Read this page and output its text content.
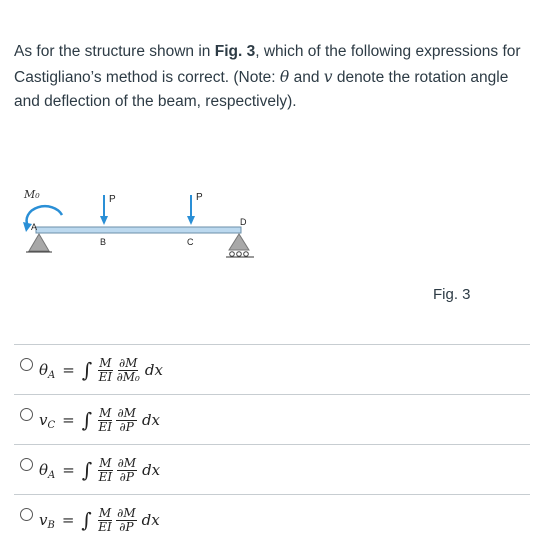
As for the structure shown in Fig. 3, which of the following expressions for Castigliano’s method is correct. (Note: θ and v denote the rotation angle and deflection of the beam, respectively).
M₀
A	D
P
B
P
C
Fig. 3
θ A = ∫ $\frac{M}{EI} \frac{\partial M}{\text{∂M₀}}$ dx
v C = ∫ $\frac{M}{EI} \frac{\partial M}{\partial P}$ dx
θ A = ∫ $\frac{M}{EI} \frac{\partial M}{\partial P}$ dx
v B = ∫ $\frac{M}{EI} \frac{\partial M}{\partial P}$ dx
